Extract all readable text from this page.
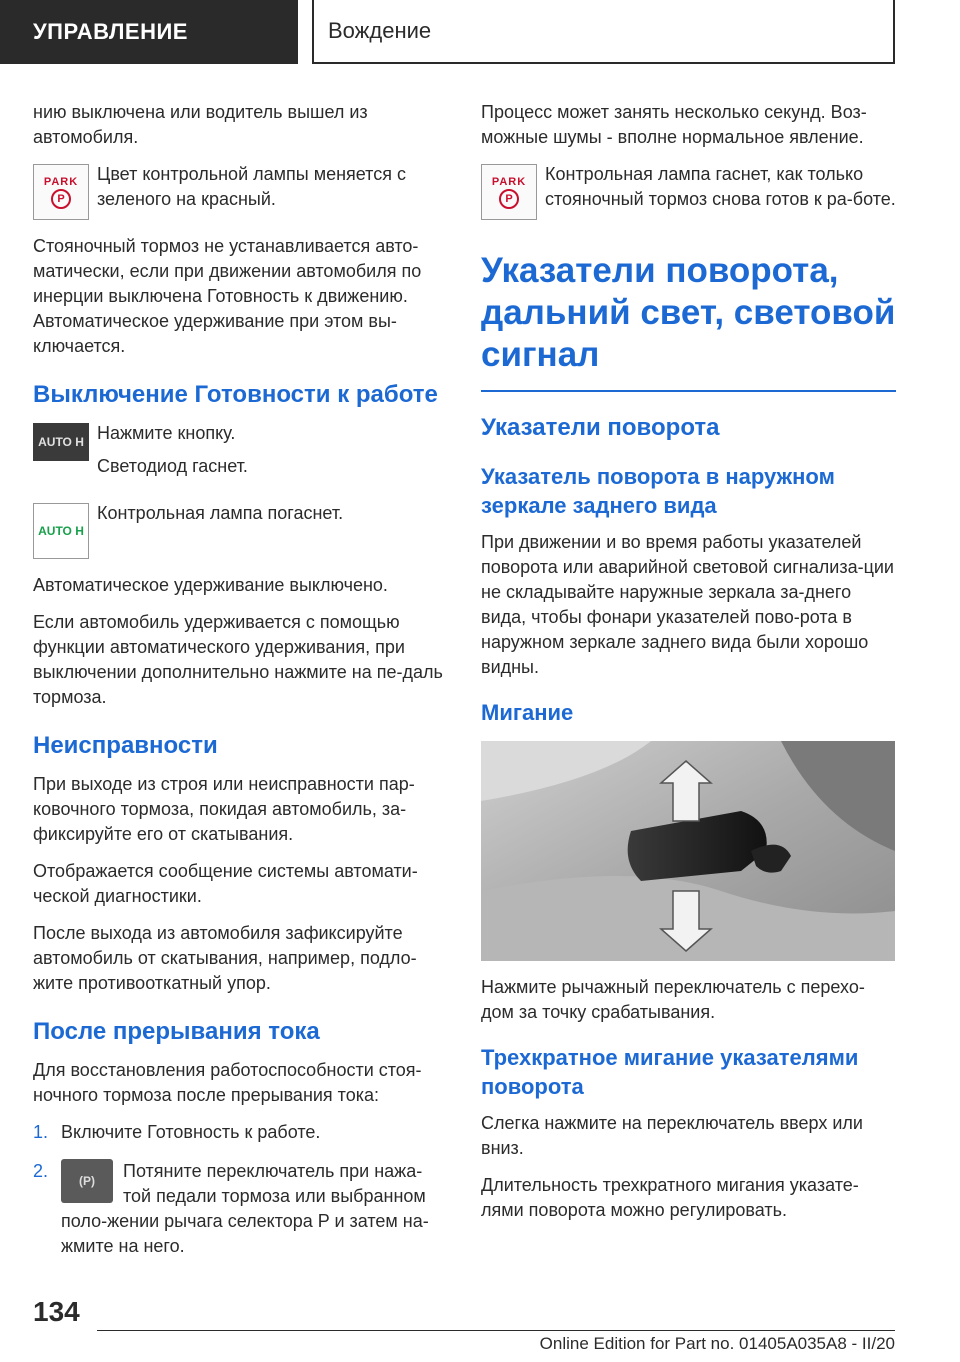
УПРАВЛЕНИЕ	Вождение

нию выключена или водитель вышел из автомобиля.

PARK
P

Цвет контрольной лампы меняется с зеленого на красный.

Стояночный тормоз не устанавливается авто-матически, если при движении автомобиля по инерции выключена Готовность к движению. Автоматическое удерживание при этом вы-ключается.

Выключение Готовности к работе
AUTO H Нажмите кнопку.

Светодиод гаснет.

AUTO H

Контрольная лампа погаснет.

Автоматическое удерживание выключено.

Если автомобиль удерживается с помощью функции автоматического удерживания, при выключении дополнительно нажмите на пе-даль тормоза.

Неисправности

При выходе из строя или неисправности пар-ковочного тормоза, покидая автомобиль, за-фиксируйте его от скатывания.

Отображается сообщение системы автомати-ческой диагностики.

После выхода из автомобиля зафиксируйте автомобиль от скатывания, например, подло-жите противооткатный упор.

После прерывания тока

Для восстановления работоспособности стоя-ночного тормоза после прерывания тока:

1. Включите Готовность к работе.
2.	(P)	Потяните переключатель при нажа-той педали тормоза или выбранном поло-жении рычага селектора P и затем на-жмите на него.

Процесс может занять несколько секунд. Воз-можные шумы - вполне нормальное явление.

PARK
P

Контрольная лампа гаснет, как только стояночный тормоз снова готов к ра-боте.

Указатели поворота, дальний свет, световой сигнал
Указатели поворота
Указатель поворота в наружном зеркале заднего вида

При движении и во время работы указателей поворота или аварийной световой сигнализа-ции не складывайте наружные зеркала за-днего вида, чтобы фонари указателей пово-рота в наружном зеркале заднего вида были хорошо видны.

Мигание

Нажмите рычажный переключатель с перехо-дом за точку срабатывания.

Трехкратное мигание указателями поворота

Слегка нажмите на переключатель вверх или вниз.

Длительность трехкратного мигания указате-лями поворота можно регулировать.

134
Online Edition for Part no. 01405A035A8 - II/20
